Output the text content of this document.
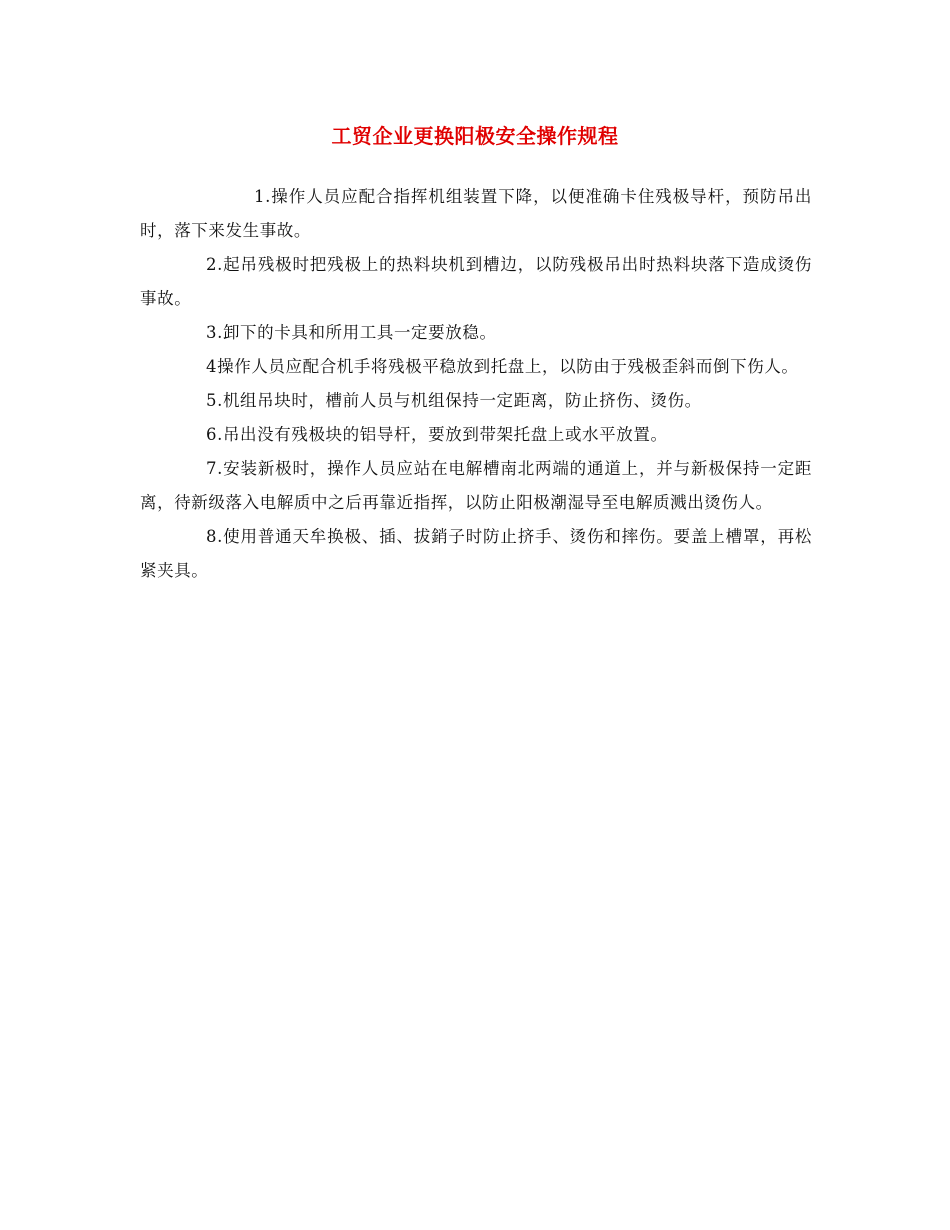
工贸企业更换阳极安全操作规程

1.操作人员应配合指挥机组装置下降，以便准确卡住残极导杆，预防吊出时，落下来发生事故。

2.起吊残极时把残极上的热料块机到槽边，以防残极吊出时热料块落下造成烫伤事故。

3.卸下的卡具和所用工具一定要放稳。

4操作人员应配合机手将残极平稳放到托盘上，以防由于残极歪斜而倒下伤人。

5.机组吊块时，槽前人员与机组保持一定距离，防止挤伤、烫伤。

6.吊出没有残极块的铝导杆，要放到带架托盘上或水平放置。

7.安装新极时，操作人员应站在电解槽南北两端的通道上，并与新极保持一定距离，待新级落入电解质中之后再靠近指挥，以防止阳极潮湿导至电解质溅出烫伤人。

8.使用普通天牟换极、插、拔銷子时防止挤手、烫伤和摔伤。要盖上槽罩，再松紧夹具。
